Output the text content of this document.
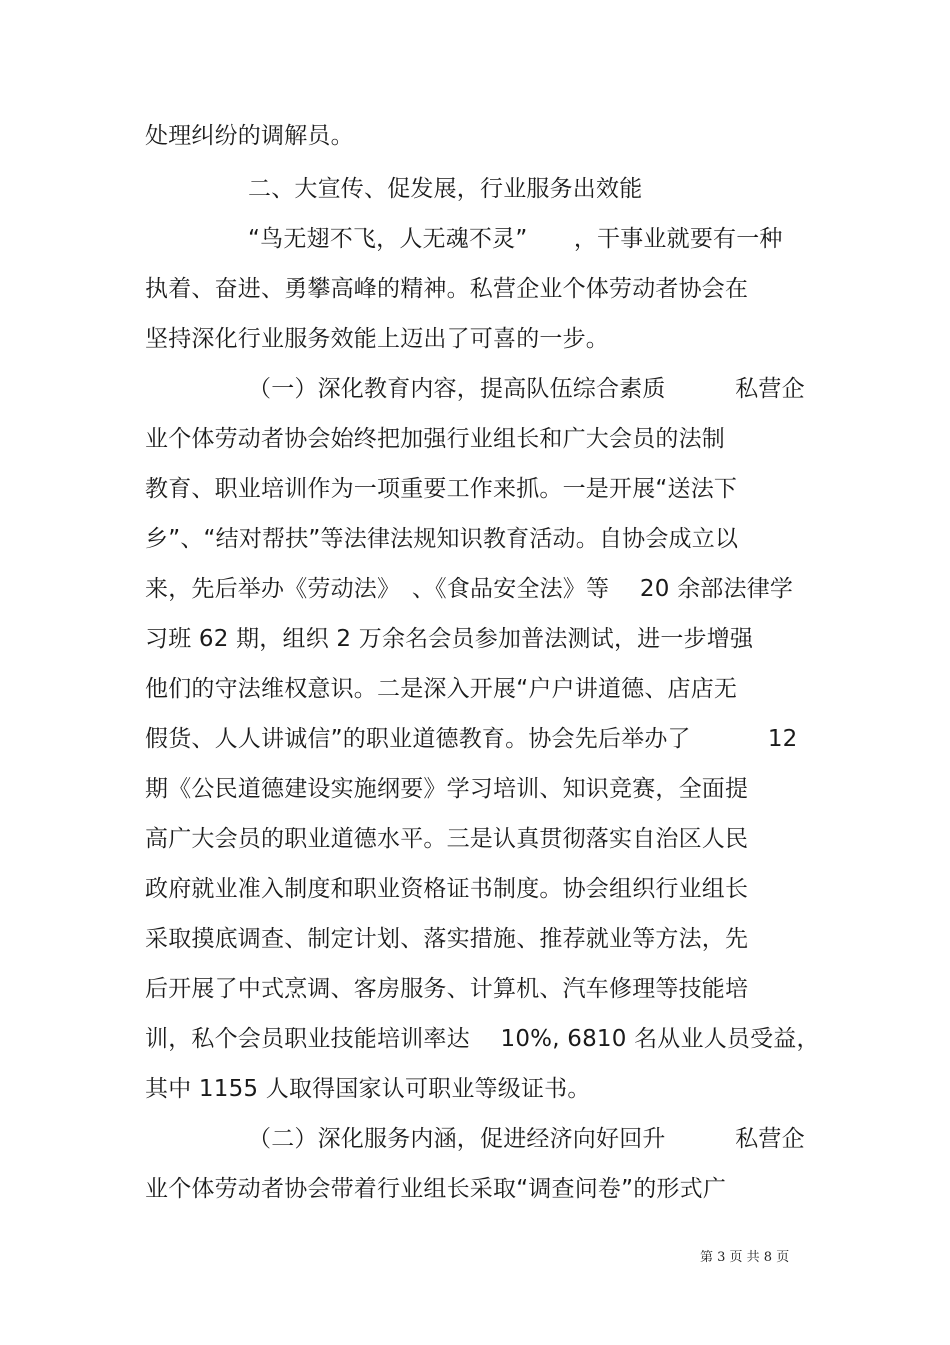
处理纠纷的调解员。
二、大宣传、促发展，行业服务出效能
“鸟无翅不飞，人无魂不灵”　　，干事业就要有一种
执着、奋进、勇攀高峰的精神。私营企业个体劳动者协会在
坚持深化行业服务效能上迈出了可喜的一步。
（一）深化教育内容，提高队伍综合素质　　　私营企
业个体劳动者协会始终把加强行业组长和广大会员的法制
教育、职业培训作为一项重要工作来抓。一是开展“送法下
乡”、“结对帮扶”等法律法规知识教育活动。自协会成立以
来，先后举办《劳动法》　、《食品安全法》等　 20 余部法律学
习班 62 期，组织 2 万余名会员参加普法测试，进一步增强
他们的守法维权意识。二是深入开展“户户讲道德、店店无
假货、人人讲诚信”的职业道德教育。协会先后举办了　　　 12
期《公民道德建设实施纲要》学习培训、知识竞赛，全面提
高广大会员的职业道德水平。三是认真贯彻落实自治区人民
政府就业准入制度和职业资格证书制度。协会组织行业组长
采取摸底调查、制定计划、落实措施、推荐就业等方法，先
后开展了中式烹调、客房服务、计算机、汽车修理等技能培
训，私个会员职业技能培训率达　 10%, 6810 名从业人员受益，
其中 1155 人取得国家认可职业等级证书。
（二）深化服务内涵，促进经济向好回升　　　私营企
业个体劳动者协会带着行业组长采取“调查问卷”的形式广
第 3 页 共 8 页
